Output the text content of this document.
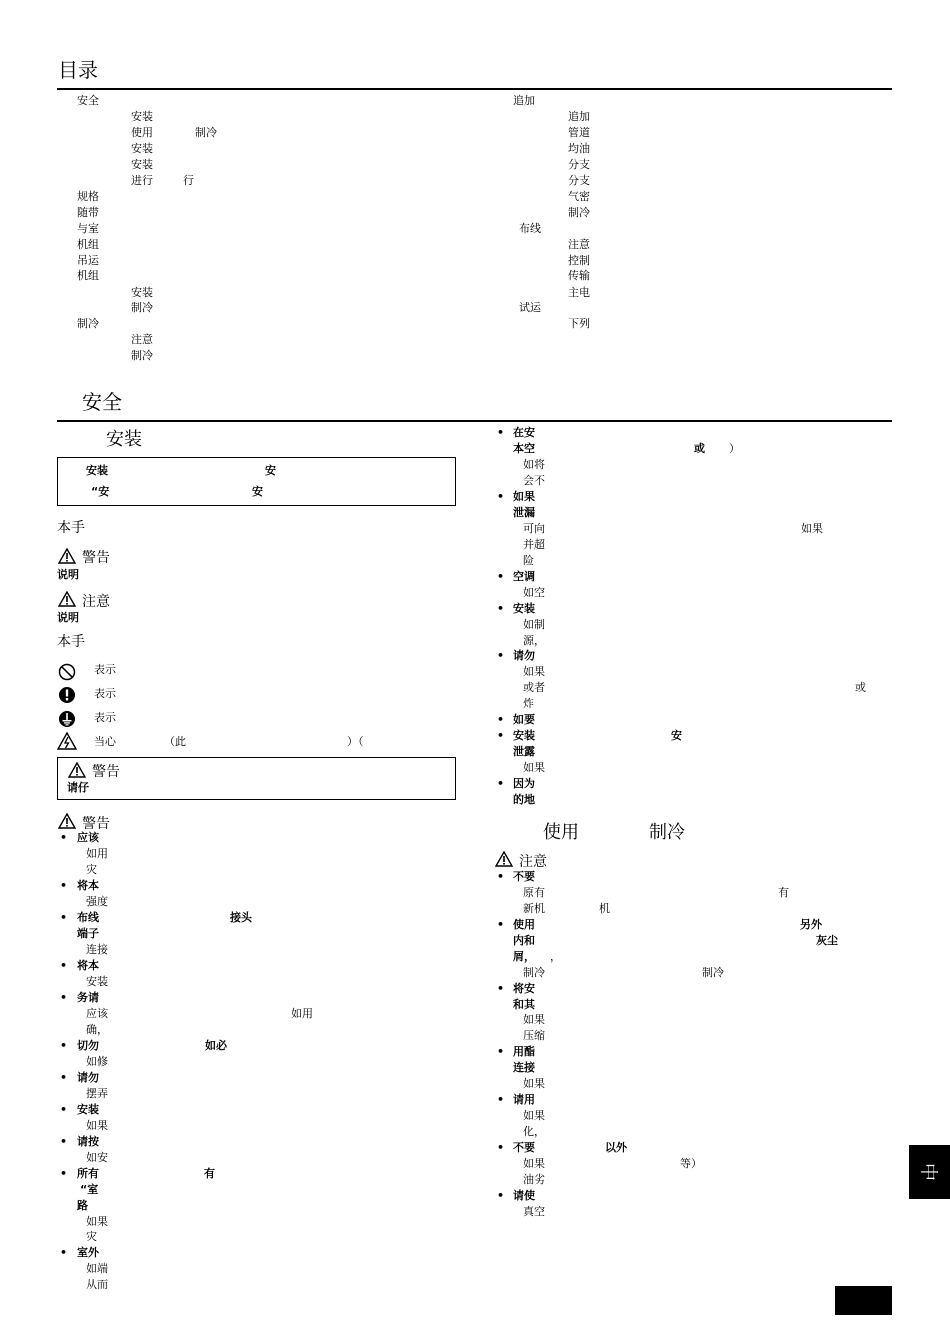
目录
安全
安装
使用	制冷
安装
安装
进行	行
规格
随带
与室
机组
吊运
机组
安装
制冷
制冷
注意
制冷
追加
追加
管道
均油
分支
分支
气密
制冷
布线
注意
控制
传输
主电
试运
下列
安全
安装
安装	安
“安	安
本手
警告
说明
注意
说明
本手
表示
表示
表示
当心	（此	）（
警告
请仔
警告
• 应该
如用
灾
• 将本
强度
• 布线	接头
端子
连接
• 将本
安装
• 务请
应该	如用
确，
• 切勿	如必
如修
• 请勿
摆弄
• 安装
如果
• 请按
如安
• 所有	有
“室
路
如果
灾
• 室外
如端
从而
• 在安
本空	或 ）
如将
会不
• 如果
泄漏
可向	如果
并超
险
• 空调
如空
• 安装
如制
源，
• 请勿
如果
或者	或
炸
• 如要
• 安装	安
泄露
如果
• 因为
的地
使用	制冷
注意
• 不要
原有	有
新机	机
• 使用	另外
内和	灰尘
屑， ，
制冷	制冷
• 将安
和其
如果
压缩
• 用酯
连接
如果
• 请用
如果
化，
• 不要	以外
如果	等）
油劣
• 请使
真空
中
